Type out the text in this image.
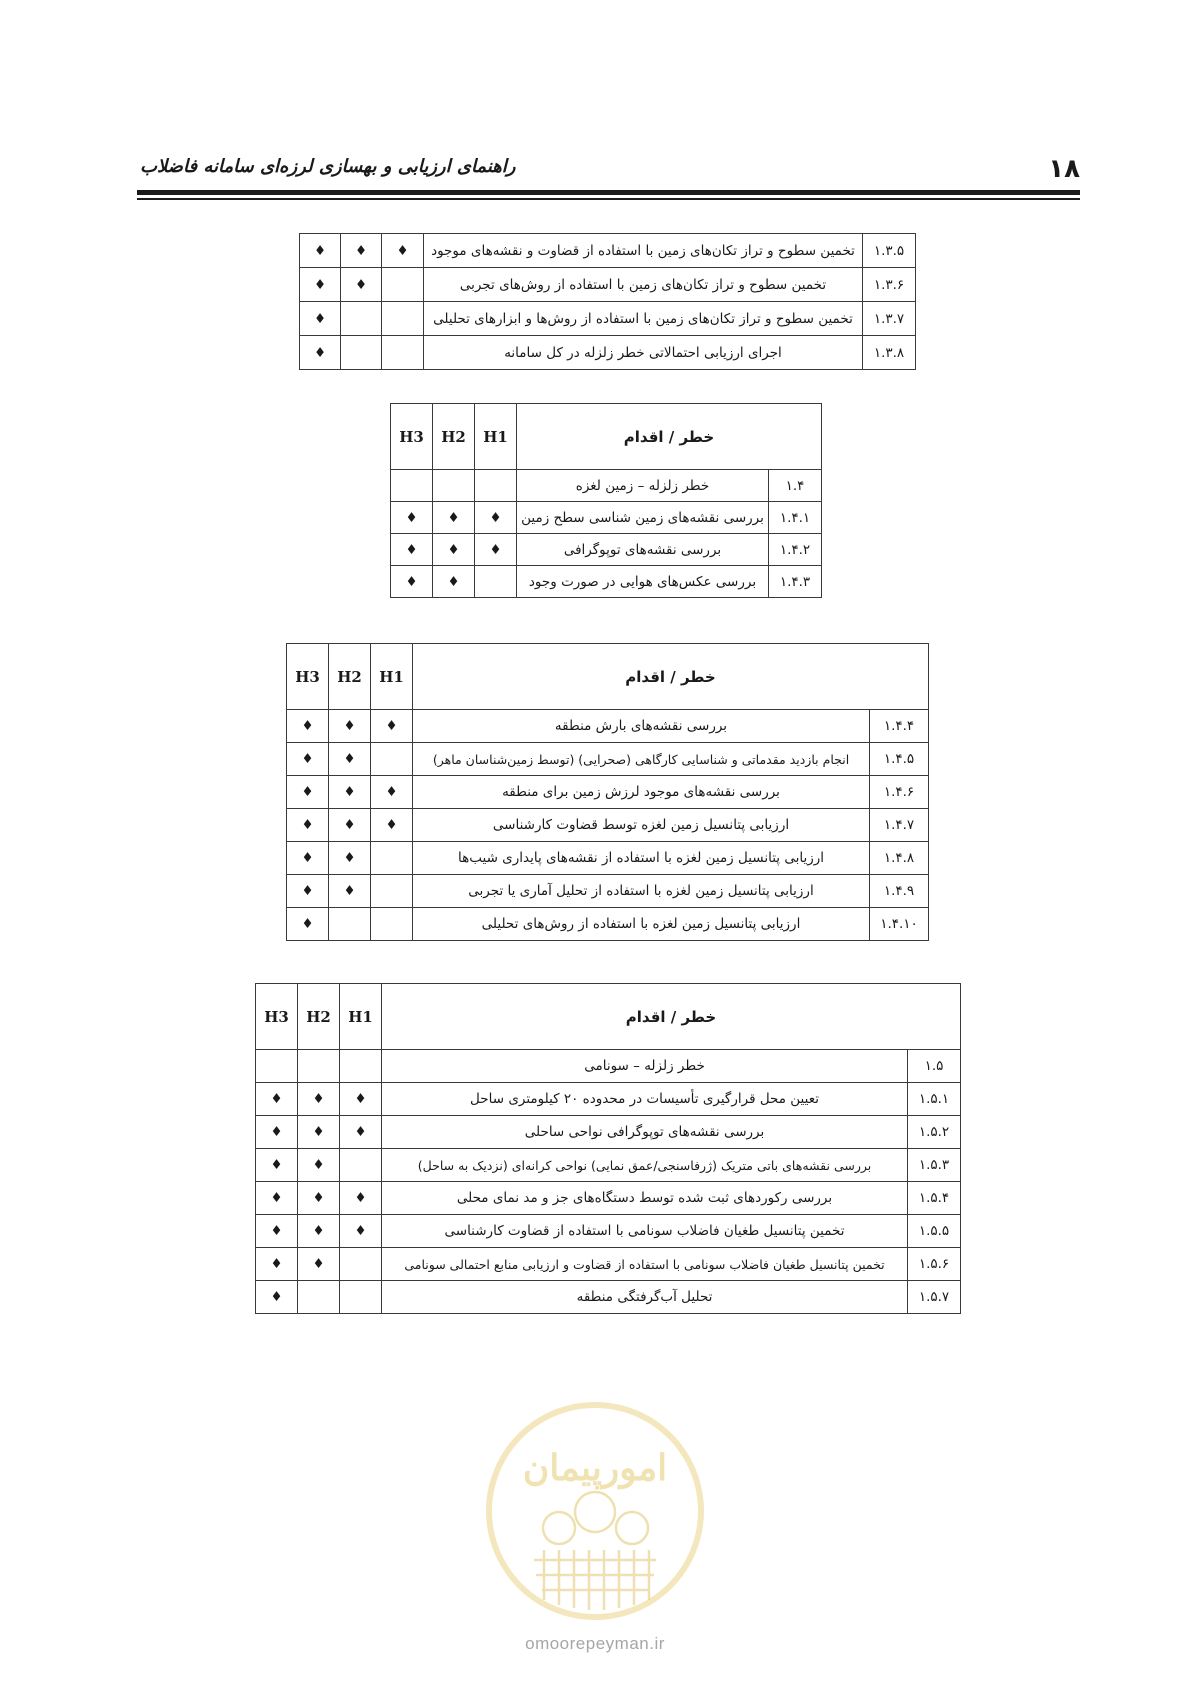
۱۸
راهنمای ارزیابی و بهسازی لرزه‌ای سامانه فاضلاب
۱.۳.۵	تخمین سطوح و تراز تکان‌های زمین با استفاده از قضاوت و نقشه‌های موجود	♦	♦	♦
۱.۳.۶	تخمین سطوح و تراز تکان‌های زمین با استفاده از روش‌های تجربی		♦	♦
۱.۳.۷	تخمین سطوح و تراز تکان‌های زمین با استفاده از روش‌ها و ابزارهای تحلیلی			♦
۱.۳.۸	اجرای ارزیابی احتمالاتی خطر زلزله در کل سامانه			♦
خطر / اقدام		H1	H2	H3
۱.۴	خطر زلزله – زمین لغزه			
۱.۴.۱	بررسی نقشه‌های زمین شناسی سطح زمین	♦	♦	♦
۱.۴.۲	بررسی نقشه‌های توپوگرافی	♦	♦	♦
۱.۴.۳	بررسی عکس‌های هوایی در صورت وجود		♦	♦
خطر / اقدام		H1	H2	H3
۱.۴.۴	بررسی نقشه‌های بارش منطقه	♦	♦	♦
۱.۴.۵	انجام بازدید مقدماتی و شناسایی کارگاهی (صحرایی) (توسط زمین‌شناسان ماهر)		♦	♦
۱.۴.۶	بررسی نقشه‌های موجود لرزش زمین برای منطقه	♦	♦	♦
۱.۴.۷	ارزیابی پتانسیل زمین لغزه توسط قضاوت کارشناسی	♦	♦	♦
۱.۴.۸	ارزیابی پتانسیل زمین لغزه با استفاده از نقشه‌های پایداری شیب‌ها		♦	♦
۱.۴.۹	ارزیابی پتانسیل زمین لغزه با استفاده از تحلیل آماری یا تجربی		♦	♦
۱.۴.۱۰	ارزیابی پتانسیل زمین لغزه با استفاده از روش‌های تحلیلی			♦
خطر / اقدام		H1	H2	H3
۱.۵	خطر زلزله – سونامی			
۱.۵.۱	تعیین محل قرارگیری تأسیسات در محدوده ۲۰ کیلومتری ساحل	♦	♦	♦
۱.۵.۲	بررسی نقشه‌های توپوگرافی نواحی ساحلی	♦	♦	♦
۱.۵.۳	بررسی نقشه‌های باتی متریک (ژرفاسنجی/عمق نمایی) نواحی کرانه‌ای (نزدیک به ساحل)		♦	♦
۱.۵.۴	بررسی رکوردهای ثبت شده توسط دستگاه‌های جز و مد نمای محلی	♦	♦	♦
۱.۵.۵	تخمین پتانسیل طغیان فاضلاب سونامی با استفاده از قضاوت کارشناسی	♦	♦	♦
۱.۵.۶	تخمین پتانسیل طغیان فاضلاب سونامی با استفاده از قضاوت و ارزیابی منابع احتمالی سونامی		♦	♦
۱.۵.۷	تحلیل آب‌گرفتگی منطقه			♦
امورپیمان
omoorepeyman.ir
